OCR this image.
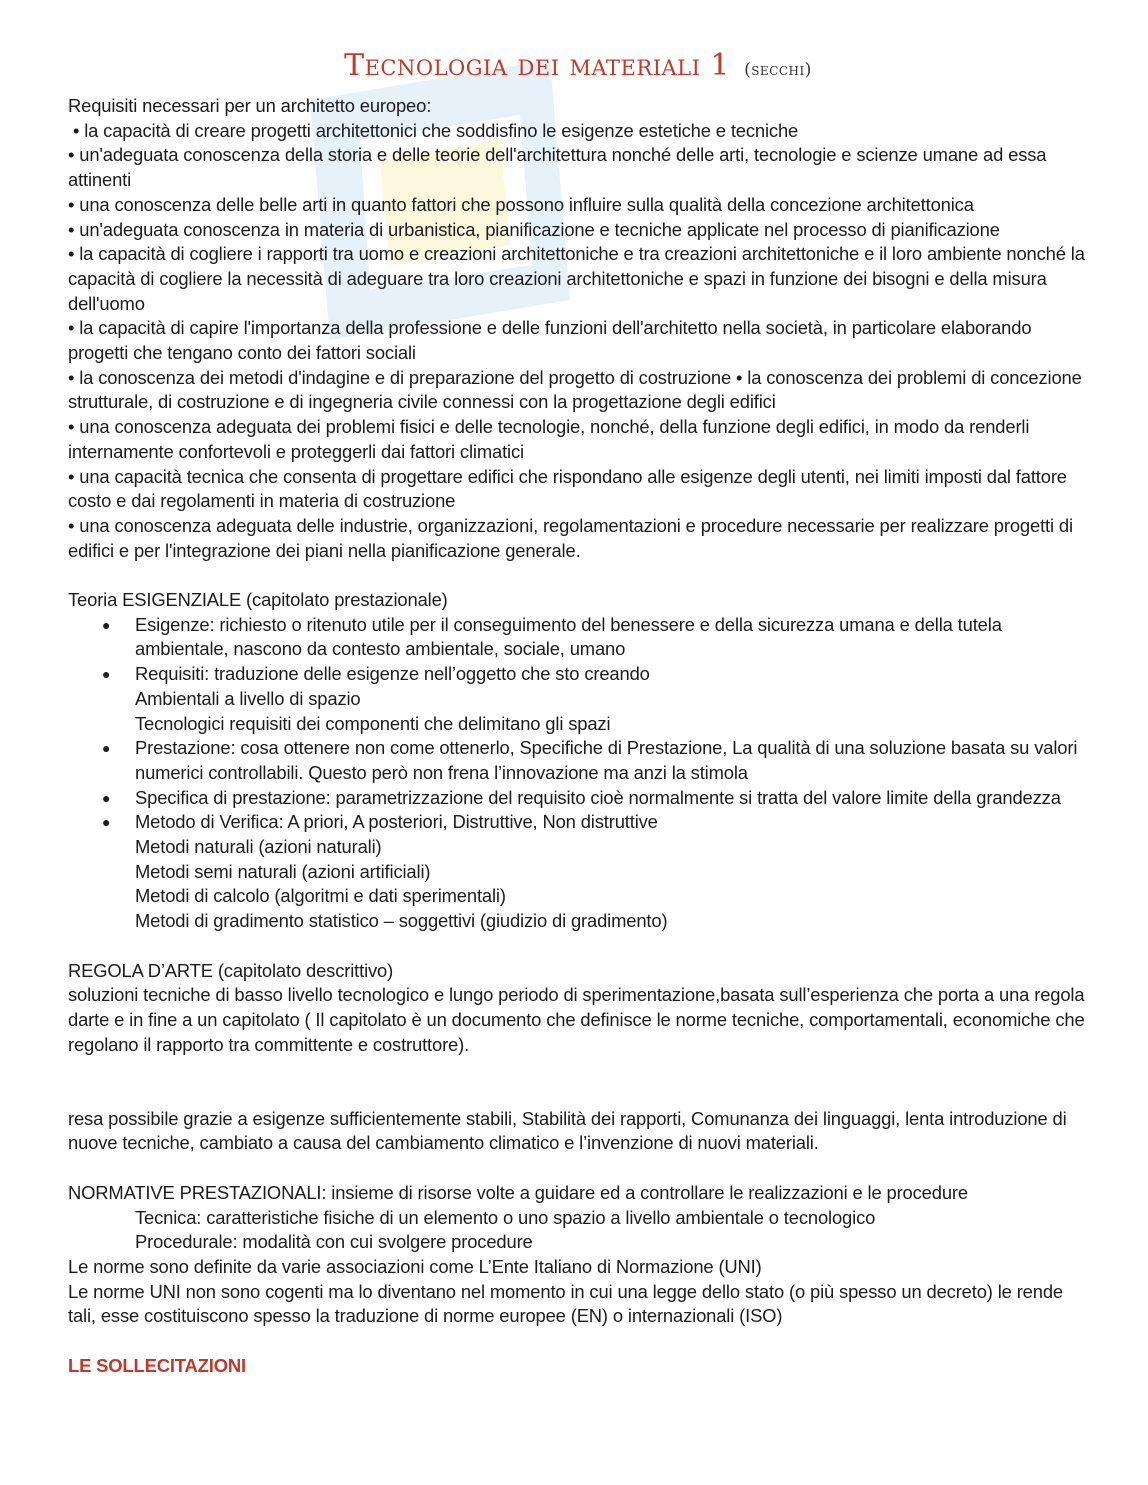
Tecnologia dei materiali 1 (secchi)

Requisiti necessari per un architetto europeo:

• la capacità di creare progetti architettonici che soddisfino le esigenze estetiche e tecniche

• un'adeguata conoscenza della storia e delle teorie dell'architettura nonché delle arti, tecnologie e scienze umane ad essa attinenti

• una conoscenza delle belle arti in quanto fattori che possono influire sulla qualità della concezione architettonica

• un'adeguata conoscenza in materia di urbanistica, pianificazione e tecniche applicate nel processo di pianificazione

• la capacità di cogliere i rapporti tra uomo e creazioni architettoniche e tra creazioni architettoniche e il loro ambiente nonché la capacità di cogliere la necessità di adeguare tra loro creazioni architettoniche e spazi in funzione dei bisogni e della misura dell'uomo

• la capacità di capire l'importanza della professione e delle funzioni dell'architetto nella società, in particolare elaborando progetti che tengano conto dei fattori sociali

• la conoscenza dei metodi d'indagine e di preparazione del progetto di costruzione • la conoscenza dei problemi di concezione strutturale, di costruzione e di ingegneria civile connessi con la progettazione degli edifici

• una conoscenza adeguata dei problemi fisici e delle tecnologie, nonché, della funzione degli edifici, in modo da renderli internamente confortevoli e proteggerli dai fattori climatici

• una capacità tecnica che consenta di progettare edifici che rispondano alle esigenze degli utenti, nei limiti imposti dal fattore costo e dai regolamenti in materia di costruzione

• una conoscenza adeguata delle industrie, organizzazioni, regolamentazioni e procedure necessarie per realizzare progetti di edifici e per l'integrazione dei piani nella pianificazione generale.

Teoria ESIGENZIALE (capitolato prestazionale)

● Esigenze: richiesto o ritenuto utile per il conseguimento del benessere e della sicurezza umana e della tutela ambientale, nascono da contesto ambientale, sociale, umano

● Requisiti: traduzione delle esigenze nell’oggetto che sto creando

Ambientali a livello di spazio

Tecnologici requisiti dei componenti che delimitano gli spazi

● Prestazione: cosa ottenere non come ottenerlo, Specifiche di Prestazione, La qualità di una soluzione basata su valori numerici controllabili. Questo però non frena l’innovazione ma anzi la stimola

● Specifica di prestazione: parametrizzazione del requisito cioè normalmente si tratta del valore limite della grandezza

● Metodo di Verifica: A priori, A posteriori, Distruttive, Non distruttive

Metodi naturali (azioni naturali)

Metodi semi naturali (azioni artificiali)

Metodi di calcolo (algoritmi e dati sperimentali)

Metodi di gradimento statistico – soggettivi (giudizio di gradimento)

REGOLA D’ARTE (capitolato descrittivo)

soluzioni tecniche di basso livello tecnologico e lungo periodo di sperimentazione,basata sull’esperienza che porta a una regola darte e in fine a un capitolato ( Il capitolato è un documento che definisce le norme tecniche, comportamentali, economiche che regolano il rapporto tra committente e costruttore).

resa possibile grazie a esigenze sufficientemente stabili, Stabilità dei rapporti, Comunanza dei linguaggi, lenta introduzione di nuove tecniche, cambiato a causa del cambiamento climatico e l’invenzione di nuovi materiali.

NORMATIVE PRESTAZIONALI: insieme di risorse volte a guidare ed a controllare le realizzazioni e le procedure

Tecnica: caratteristiche fisiche di un elemento o uno spazio a livello ambientale o tecnologico

Procedurale: modalità con cui svolgere procedure

Le norme sono definite da varie associazioni come L’Ente Italiano di Normazione (UNI)

Le norme UNI non sono cogenti ma lo diventano nel momento in cui una legge dello stato (o più spesso un decreto) le rende tali, esse costituiscono spesso la traduzione di norme europee (EN) o internazionali (ISO)

LE SOLLECITAZIONI
